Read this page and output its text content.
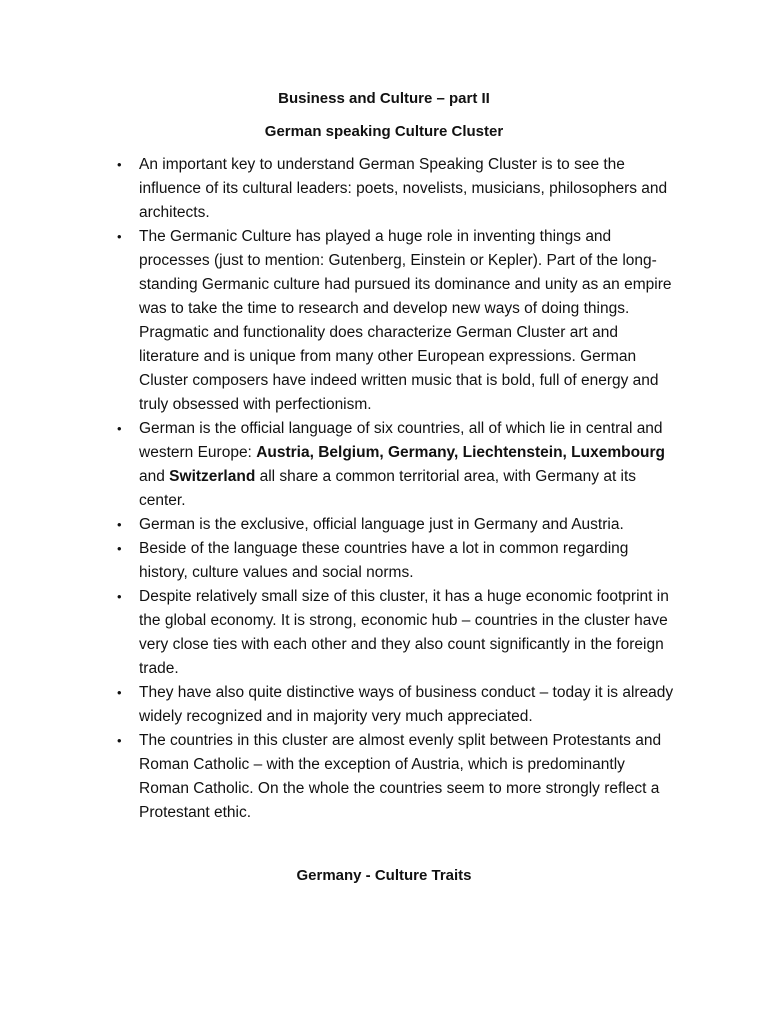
Business and Culture – part II
German speaking Culture Cluster
•	An important key to understand German Speaking Cluster is to see the influence of its cultural leaders: poets, novelists, musicians, philosophers and architects.
•	The Germanic Culture has played a huge role in inventing things and processes (just to mention: Gutenberg, Einstein or Kepler). Part of the long-standing Germanic culture had pursued its dominance and unity as an empire was to take the time to research and develop new ways of doing things.
Pragmatic and functionality does characterize German Cluster art and literature and is unique from many other European expressions. German Cluster composers have indeed written music that is bold, full of energy and truly obsessed with perfectionism.
•	German is the official language of six countries, all of which lie in central and western Europe: Austria, Belgium, Germany, Liechtenstein, Luxembourg and Switzerland all share a common territorial area, with Germany at its center.
•	German is the exclusive, official language just in Germany and Austria.
•	Beside of the language these countries have a lot in common regarding history, culture values and social norms.
•	Despite relatively small size of this cluster, it has a huge economic footprint in the global economy. It is strong, economic hub – countries in the cluster have very close ties with each other and they also count significantly in the foreign trade.
•	They have also quite distinctive ways of business conduct – today it is already widely recognized and in majority very much appreciated.
•	The countries in this cluster are almost evenly split between Protestants and Roman Catholic – with the exception of Austria, which is predominantly Roman Catholic. On the whole the countries seem to more strongly reflect a Protestant ethic.
Germany - Culture Traits
